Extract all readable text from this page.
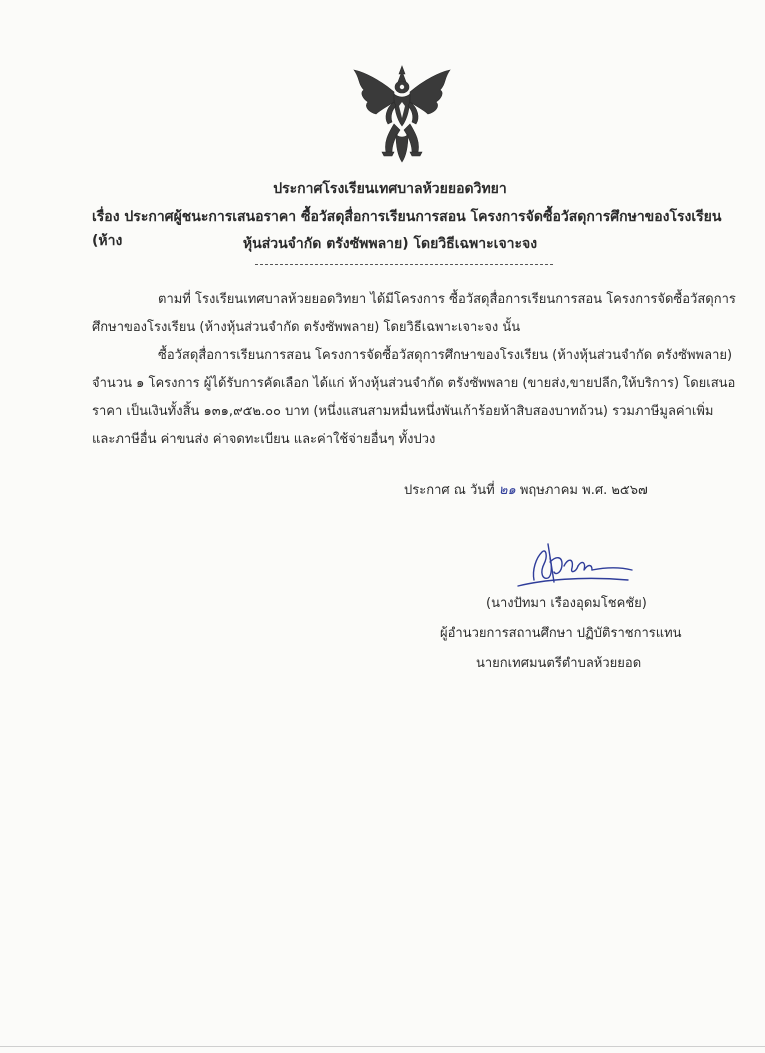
ประกาศโรงเรียนเทศบาลห้วยยอดวิทยา
เรื่อง ประกาศผู้ชนะการเสนอราคา ซื้อวัสดุสื่อการเรียนการสอน โครงการจัดซื้อวัสดุการศึกษาของโรงเรียน (ห้าง	หุ้นส่วนจำกัด ตรังซัพพลาย) โดยวิธีเฉพาะเจาะจง
ตามที่ โรงเรียนเทศบาลห้วยยอดวิทยา ได้มีโครงการ ซื้อวัสดุสื่อการเรียนการสอน โครงการจัดซื้อวัสดุการ
ศึกษาของโรงเรียน (ห้างหุ้นส่วนจำกัด ตรังซัพพลาย) โดยวิธีเฉพาะเจาะจง นั้น
ซื้อวัสดุสื่อการเรียนการสอน โครงการจัดซื้อวัสดุการศึกษาของโรงเรียน (ห้างหุ้นส่วนจำกัด ตรังซัพพลาย)
จำนวน ๑ โครงการ ผู้ได้รับการคัดเลือก ได้แก่ ห้างหุ้นส่วนจำกัด ตรังซัพพลาย (ขายส่ง,ขายปลีก,ให้บริการ) โดยเสนอ
ราคา เป็นเงินทั้งสิ้น ๑๓๑,๙๕๒.๐๐ บาท (หนึ่งแสนสามหมื่นหนึ่งพันเก้าร้อยห้าสิบสองบาทถ้วน) รวมภาษีมูลค่าเพิ่ม
และภาษีอื่น ค่าขนส่ง ค่าจดทะเบียน และค่าใช้จ่ายอื่นๆ ทั้งปวง
ประกาศ ณ วันที่ ๒๑ พฤษภาคม พ.ศ. ๒๕๖๗
(นางปัทมา เรืองอุดมโชคชัย)
ผู้อำนวยการสถานศึกษา ปฏิบัติราชการแทน
นายกเทศมนตรีตำบลห้วยยอด
